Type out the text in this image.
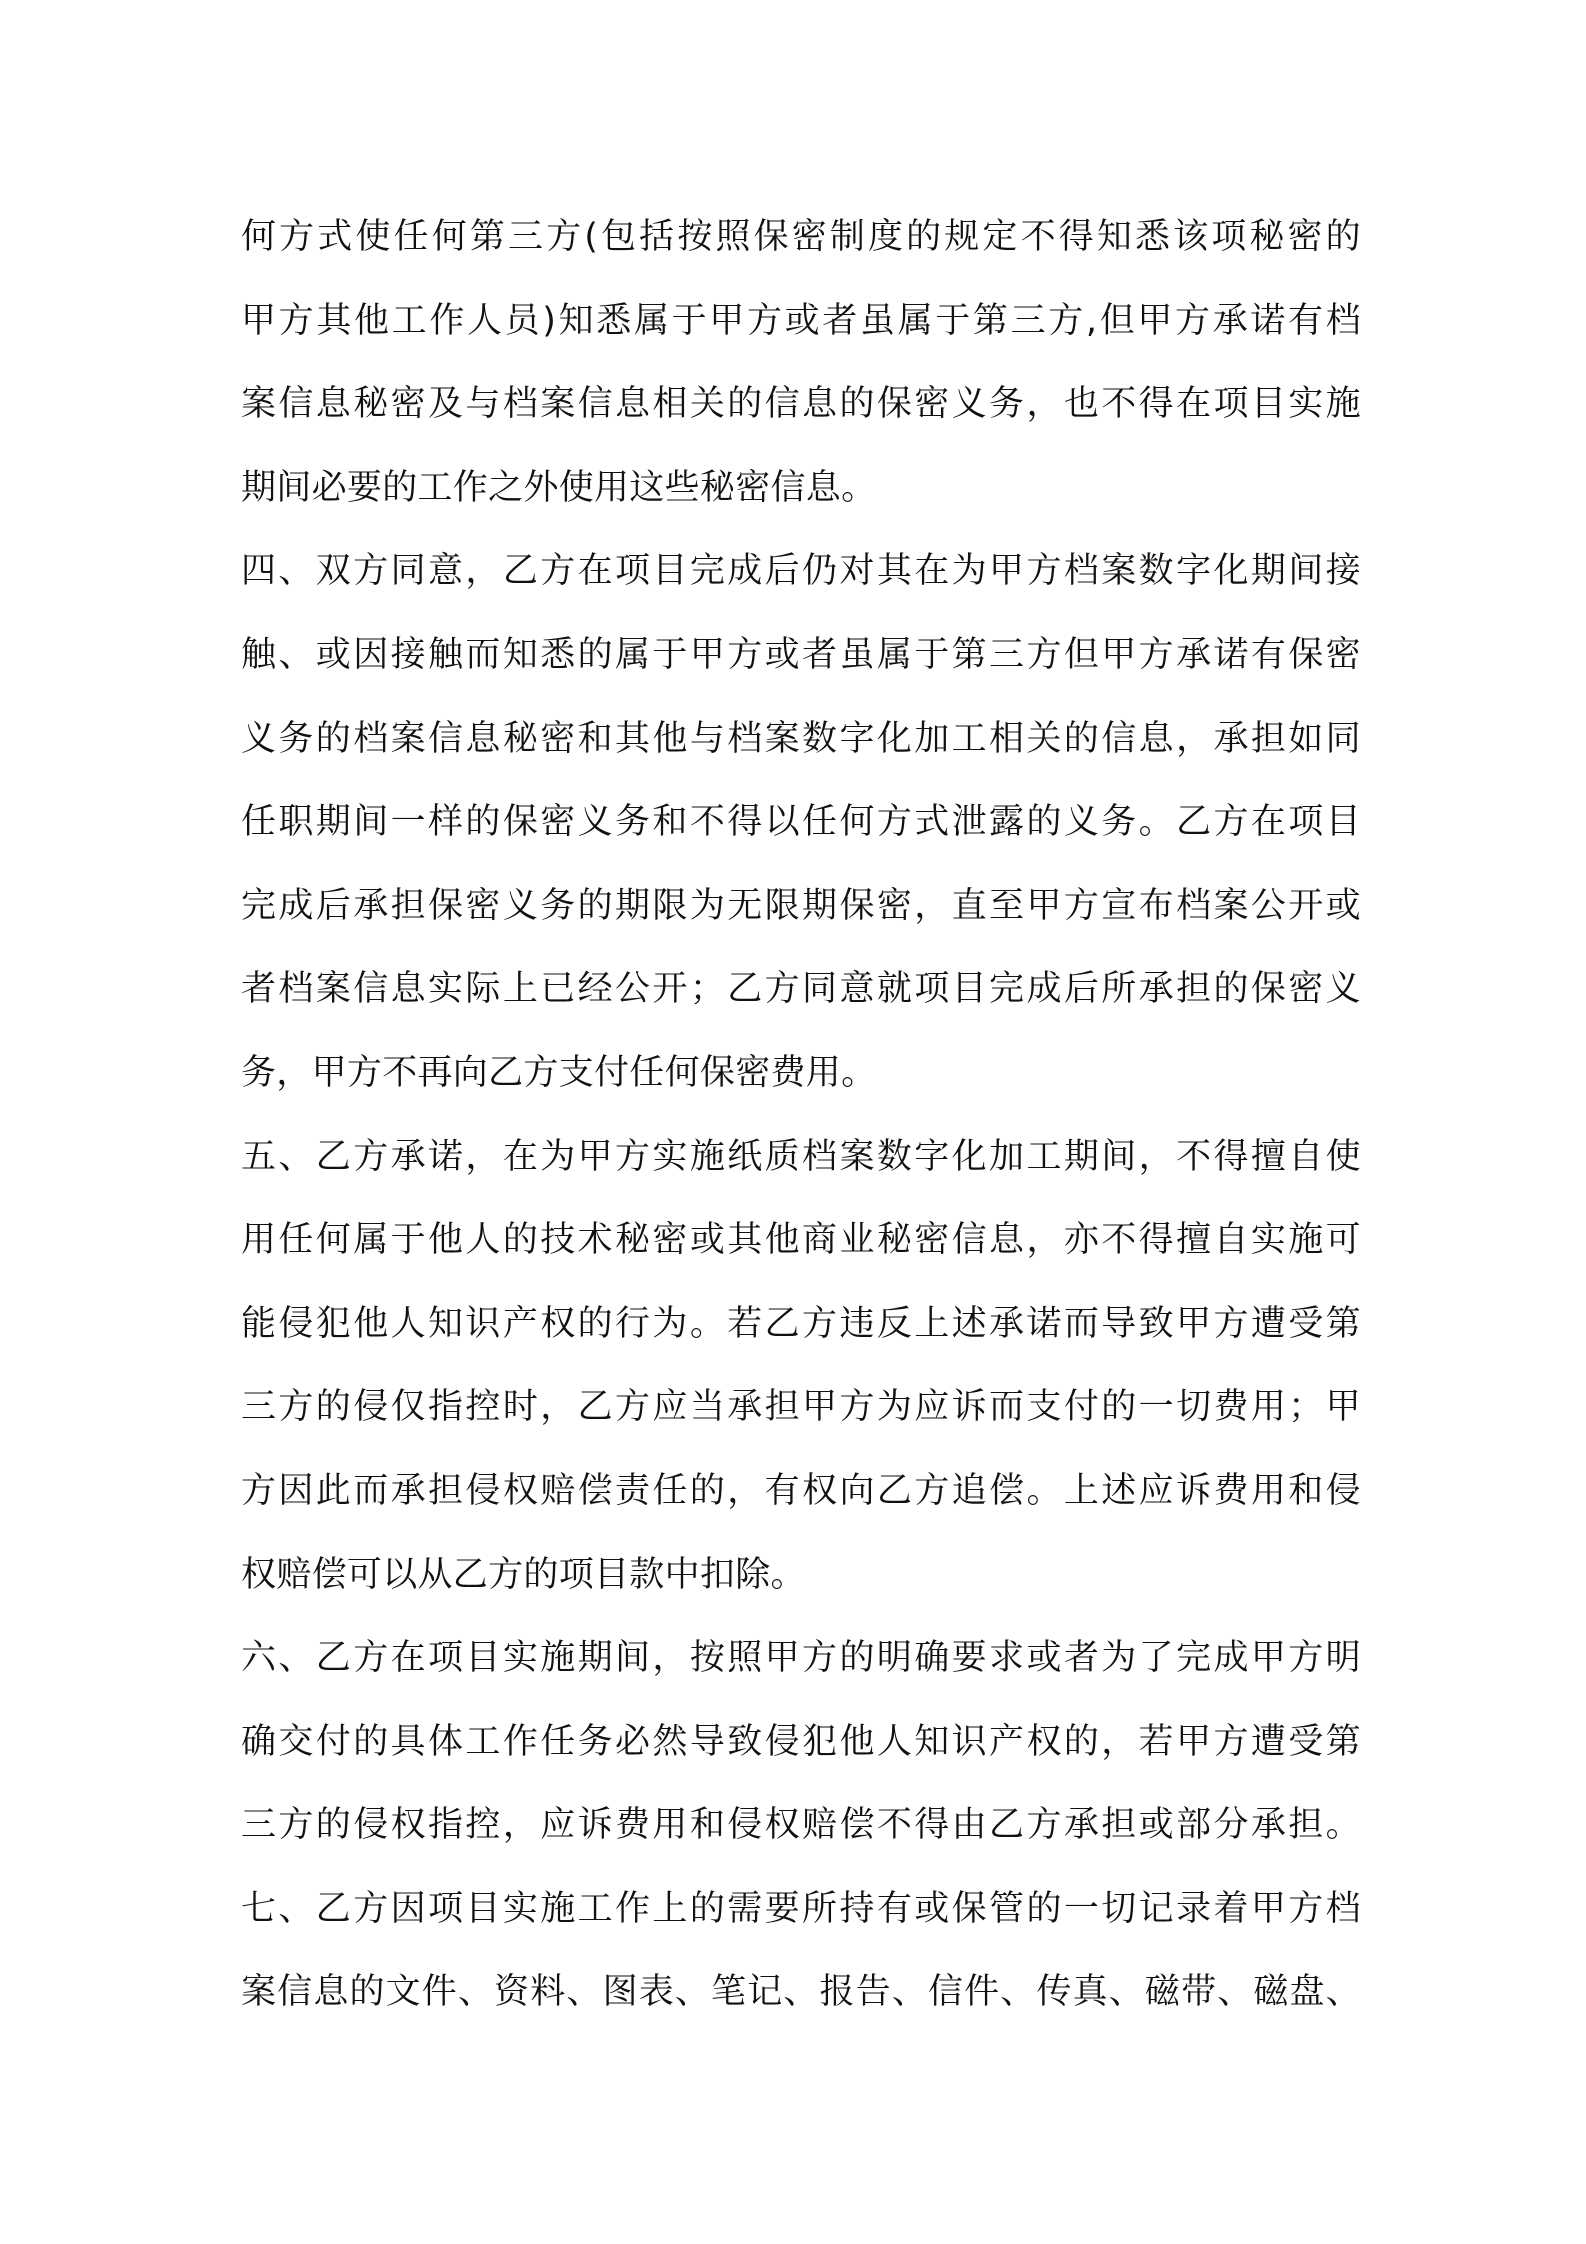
何方式使任何第三方(包括按照保密制度的规定不得知悉该项秘密的
甲方其他工作人员)知悉属于甲方或者虽属于第三方,但甲方承诺有档
案信息秘密及与档案信息相关的信息的保密义务，也不得在项目实施
期间必要的工作之外使用这些秘密信息。
四、双方同意，乙方在项目完成后仍对其在为甲方档案数字化期间接
触、或因接触而知悉的属于甲方或者虽属于第三方但甲方承诺有保密
义务的档案信息秘密和其他与档案数字化加工相关的信息，承担如同
任职期间一样的保密义务和不得以任何方式泄露的义务。乙方在项目
完成后承担保密义务的期限为无限期保密，直至甲方宣布档案公开或
者档案信息实际上已经公开；乙方同意就项目完成后所承担的保密义
务，甲方不再向乙方支付任何保密费用。
五、乙方承诺，在为甲方实施纸质档案数字化加工期间，不得擅自使
用任何属于他人的技术秘密或其他商业秘密信息，亦不得擅自实施可
能侵犯他人知识产权的行为。若乙方违反上述承诺而导致甲方遭受第
三方的侵仅指控时，乙方应当承担甲方为应诉而支付的一切费用；甲
方因此而承担侵权赔偿责任的，有权向乙方追偿。上述应诉费用和侵
权赔偿可以从乙方的项目款中扣除。
六、乙方在项目实施期间，按照甲方的明确要求或者为了完成甲方明
确交付的具体工作任务必然导致侵犯他人知识产权的，若甲方遭受第
三方的侵权指控，应诉费用和侵权赔偿不得由乙方承担或部分承担。
七、乙方因项目实施工作上的需要所持有或保管的一切记录着甲方档
案信息的文件、资料、图表、笔记、报告、信件、传真、磁带、磁盘、
